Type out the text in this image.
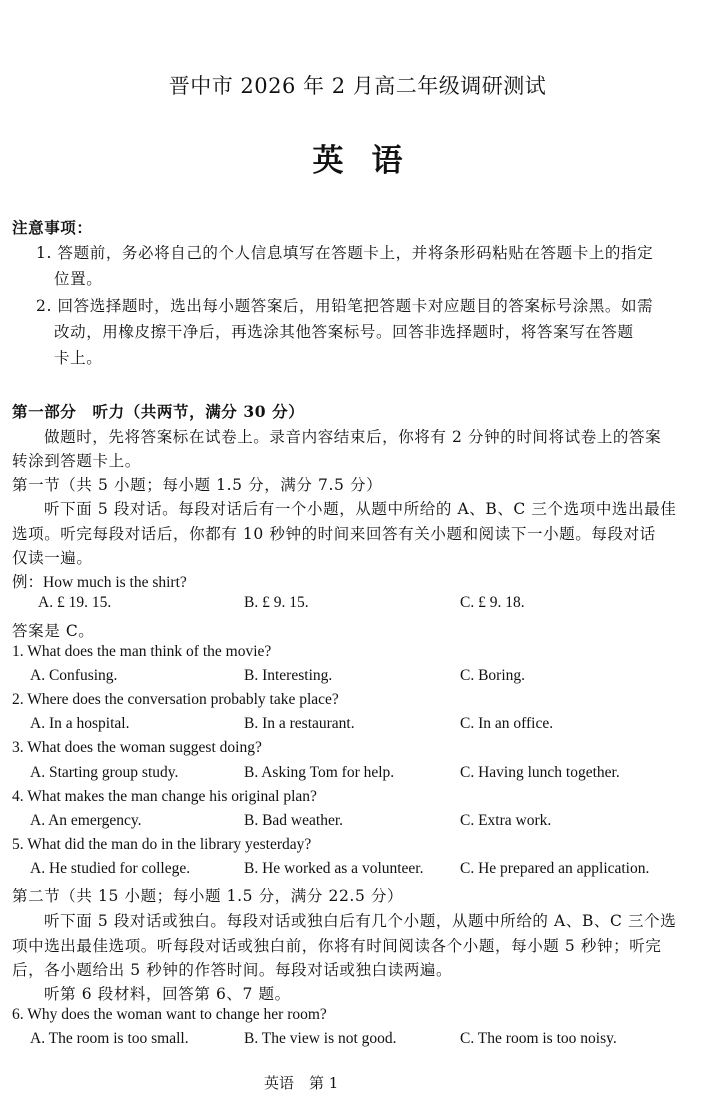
晋中市 2026 年 2 月高二年级调研测试
英语
注意事项：
1. 答题前，务必将自己的个人信息填写在答题卡上，并将条形码粘贴在答题卡上的指定
位置。
2. 回答选择题时，选出每小题答案后，用铅笔把答题卡对应题目的答案标号涂黑。如需
改动，用橡皮擦干净后，再选涂其他答案标号。回答非选择题时，将答案写在答题
卡上。
第一部分　听力（共两节，满分 30 分）
做题时，先将答案标在试卷上。录音内容结束后，你将有 2 分钟的时间将试卷上的答案
转涂到答题卡上。
第一节（共 5 小题；每小题 1.5 分，满分 7.5 分）
听下面 5 段对话。每段对话后有一个小题，从题中所给的 A、B、C 三个选项中选出最佳
选项。听完每段对话后，你都有 10 秒钟的时间来回答有关小题和阅读下一小题。每段对话
仅读一遍。
例：How much is the shirt?
A. £ 19. 15.	B. £ 9. 15.	C. £ 9. 18.
答案是 C。
1. What does the man think of the movie?
A. Confusing.	B. Interesting.	C. Boring.
2. Where does the conversation probably take place?
A. In a hospital.	B. In a restaurant.	C. In an office.
3. What does the woman suggest doing?
A. Starting group study.	B. Asking Tom for help.	C. Having lunch together.
4. What makes the man change his original plan?
A. An emergency.	B. Bad weather.	C. Extra work.
5. What did the man do in the library yesterday?
A. He studied for college.	B. He worked as a volunteer. C. He prepared an application.
第二节（共 15 小题；每小题 1.5 分，满分 22.5 分）
听下面 5 段对话或独白。每段对话或独白后有几个小题，从题中所给的 A、B、C 三个选
项中选出最佳选项。听每段对话或独白前，你将有时间阅读各个小题，每小题 5 秒钟；听完
后，各小题给出 5 秒钟的作答时间。每段对话或独白读两遍。
听第 6 段材料，回答第 6、7 题。
6. Why does the woman want to change her room?
A. The room is too small.	B. The view is not good.	C. The room is too noisy.
英语　第 1
